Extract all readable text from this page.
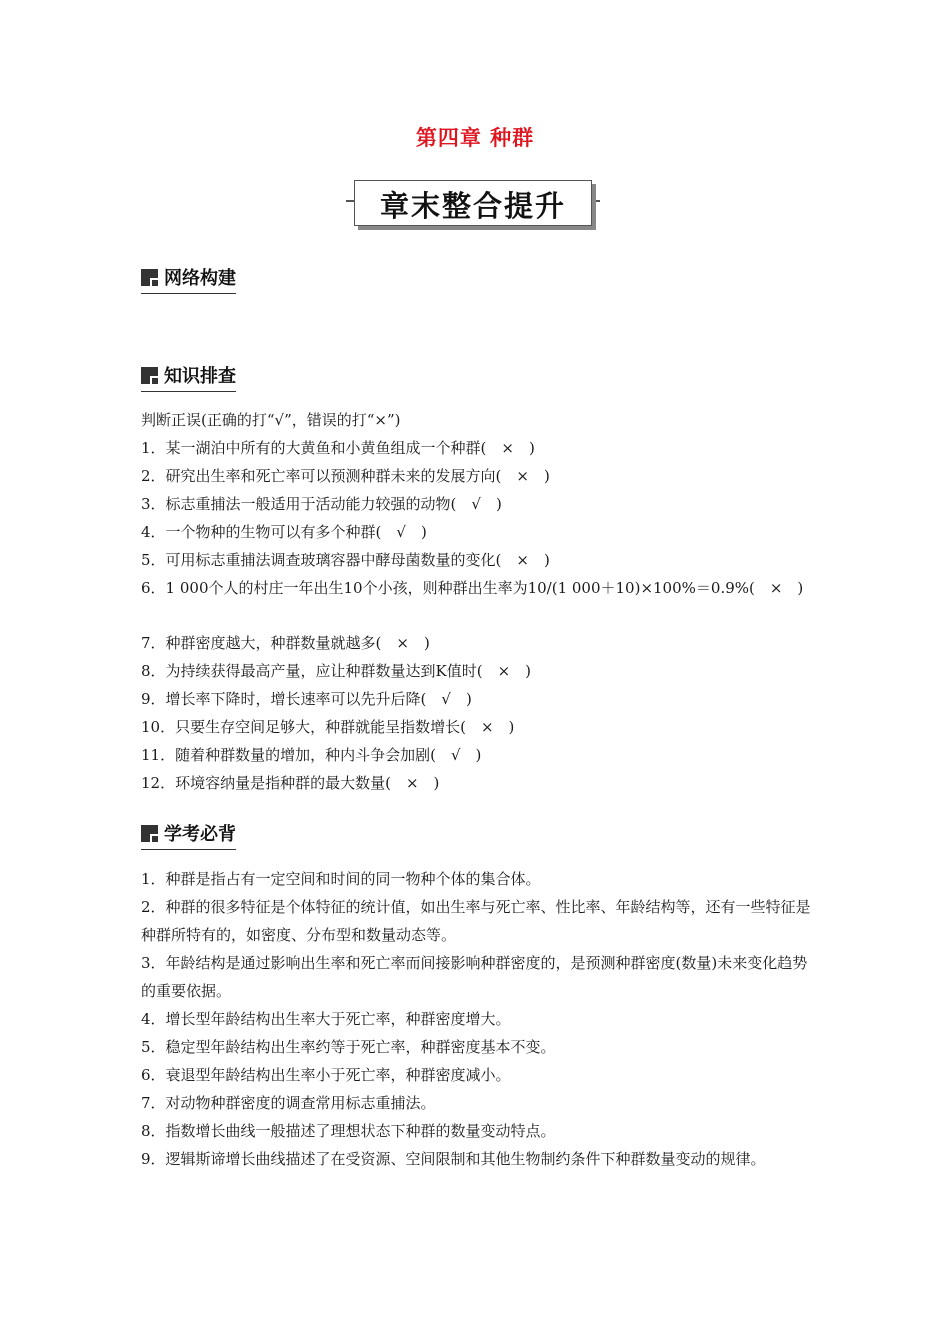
第四章 种群
章末整合提升
网络构建
知识排查
判断正误(正确的打“√”，错误的打“×”)
1．某一湖泊中所有的大黄鱼和小黄鱼组成一个种群(　×　)
2．研究出生率和死亡率可以预测种群未来的发展方向(　×　)
3．标志重捕法一般适用于活动能力较强的动物(　√　)
4．一个物种的生物可以有多个种群(　√　)
5．可用标志重捕法调查玻璃容器中酵母菌数量的变化(　×　)
6．1 000个人的村庄一年出生10个小孩，则种群出生率为10/(1 000＋10)×100%＝0.9%(　×　)
7．种群密度越大，种群数量就越多(　×　)
8．为持续获得最高产量，应让种群数量达到K值时(　×　)
9．增长率下降时，增长速率可以先升后降(　√　)
10．只要生存空间足够大，种群就能呈指数增长(　×　)
11．随着种群数量的增加，种内斗争会加剧(　√　)
12．环境容纳量是指种群的最大数量(　×　)
学考必背
1．种群是指占有一定空间和时间的同一物种个体的集合体。
2．种群的很多特征是个体特征的统计值，如出生率与死亡率、性比率、年龄结构等，还有一些特征是种群所特有的，如密度、分布型和数量动态等。
3．年龄结构是通过影响出生率和死亡率而间接影响种群密度的，是预测种群密度(数量)未来变化趋势的重要依据。
4．增长型年龄结构出生率大于死亡率，种群密度增大。
5．稳定型年龄结构出生率约等于死亡率，种群密度基本不变。
6．衰退型年龄结构出生率小于死亡率，种群密度减小。
7．对动物种群密度的调查常用标志重捕法。
8．指数增长曲线一般描述了理想状态下种群的数量变动特点。
9．逻辑斯谛增长曲线描述了在受资源、空间限制和其他生物制约条件下种群数量变动的规律。
